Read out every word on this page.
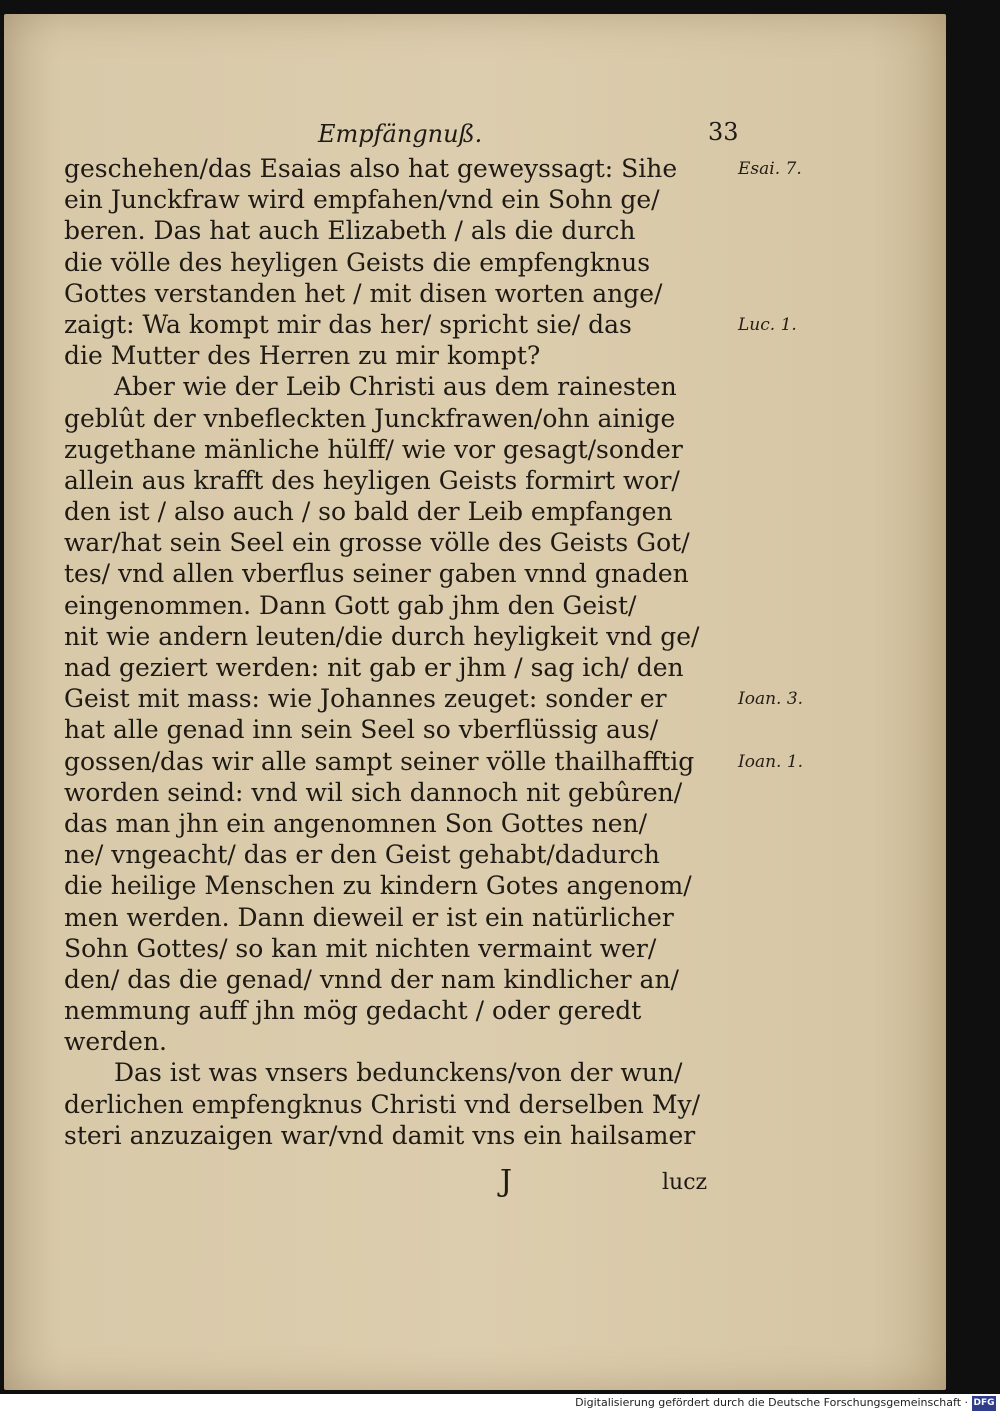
Empfängnuß.	33
geschehen/das Esaias also hat geweyssagt: Sihe
ein Junckfraw wird empfahen/vnd ein Sohn ge/
beren. Das hat auch Elizabeth / als die durch
die völle des heyligen Geists die empfengknus
Gottes verstanden het / mit disen worten ange/
zaigt: Wa kompt mir das her/ spricht sie/ das
die Mutter des Herren zu mir kompt?
Aber wie der Leib Christi aus dem rainesten
geblût der vnbefleckten Junckfrawen/ohn ainige
zugethane mänliche hülff/ wie vor gesagt/sonder
allein aus krafft des heyligen Geists formirt wor/
den ist / also auch / so bald der Leib empfangen
war/hat sein Seel ein grosse völle des Geists Got/
tes/ vnd allen vberflus seiner gaben vnnd gnaden
eingenommen. Dann Gott gab jhm den Geist/
nit wie andern leuten/die durch heyligkeit vnd ge/
nad geziert werden: nit gab er jhm / sag ich/ den
Geist mit mass: wie Johannes zeuget: sonder er
hat alle genad inn sein Seel so vberflüssig aus/
gossen/das wir alle sampt seiner völle thailhafftig
worden seind: vnd wil sich dannoch nit gebûren/
das man jhn ein angenomnen Son Gottes nen/
ne/ vngeacht/ das er den Geist gehabt/dadurch
die heilige Menschen zu kindern Gotes angenom/
men werden. Dann dieweil er ist ein natürlicher
Sohn Gottes/ so kan mit nichten vermaint wer/
den/ das die genad/ vnnd der nam kindlicher an/
nemmung auff jhn mög gedacht / oder geredt
werden.
Das ist was vnsers bedunckens/von der wun/
derlichen empfengknus Christi vnd derselben My/
steri anzuzaigen war/vnd damit vns ein hailsamer
Esai. 7.
Luc. 1.
Ioan. 3.
Ioan. 1.
J	lucz
Digitalisierung gefördert durch die Deutsche Forschungsgemeinschaft · DFG
